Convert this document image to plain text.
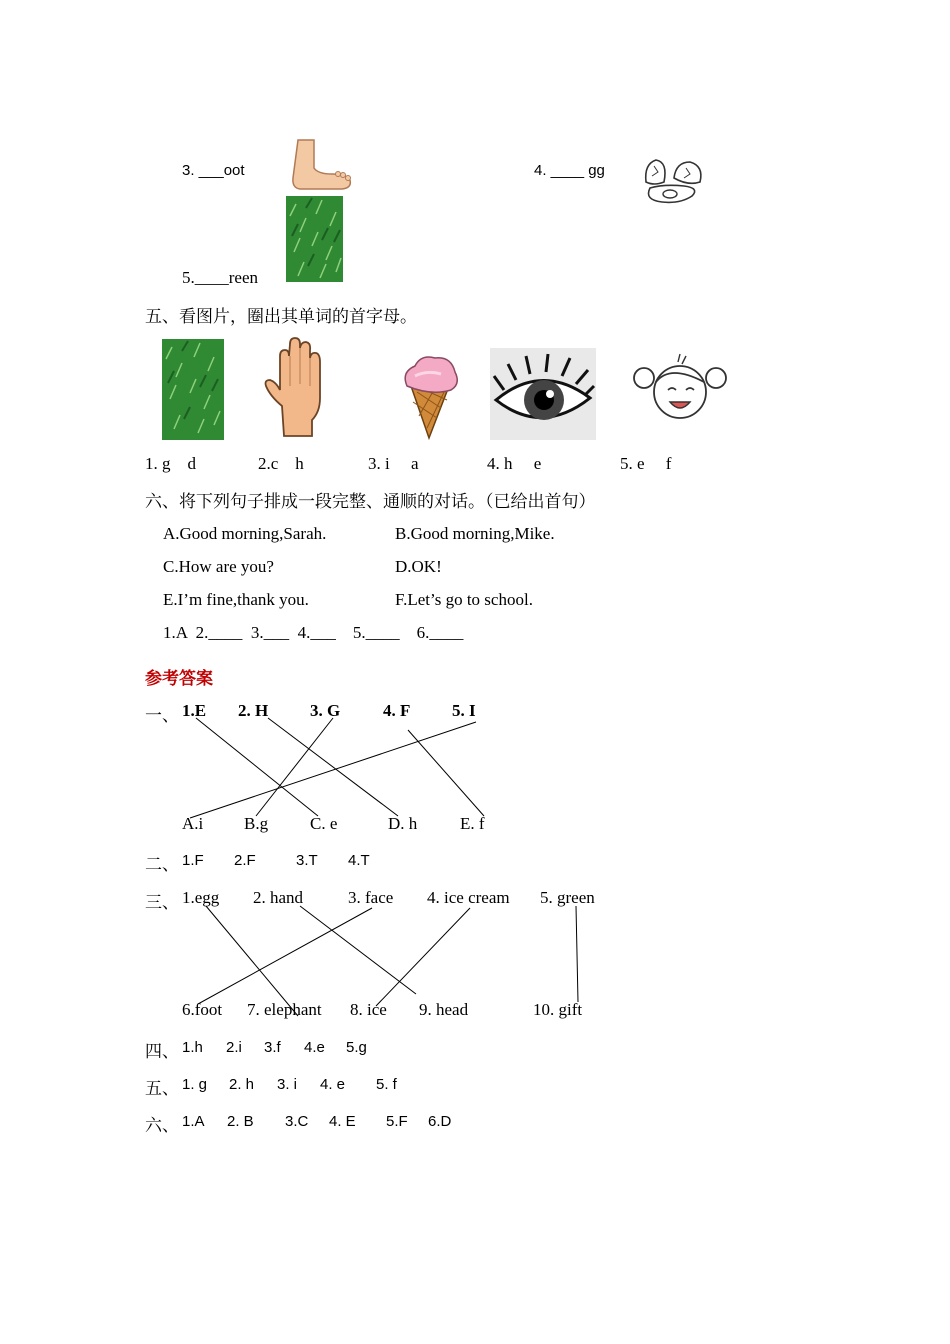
3. ___oot	4. ____ gg
5.____reen
五、看图片，圈出其单词的首字母。
1. g    d	2.c    h	3. i     a	4. h     e	5. e     f
六、将下列句子排成一段完整、通顺的对话。（已给出首句）
A.Good morning,Sarah.	B.Good morning,Mike.
C.How are you?	D.OK!
E.I’m fine,thank you.	F.Let’s go to school.
1.A  2.____  3.___  4.___    5.____    6.____
参考答案
一、 1.E 2. H 3. G	4. F 5. I
A.i B.g C. e	D. h	E. f
二、 1.F 2.F	3.T 4.T
三、 1.egg 2. hand	3. face 4. ice cream 5. green
6.foot 7. elephant 8. ice 9. head	10. gift
四、 1.h 2.i 3.f 4.e 5.g
五、 1. g 2. h 3. i 4. e 5. f
六、 1.A 2. B 3.C 4. E 5.F 6.D
